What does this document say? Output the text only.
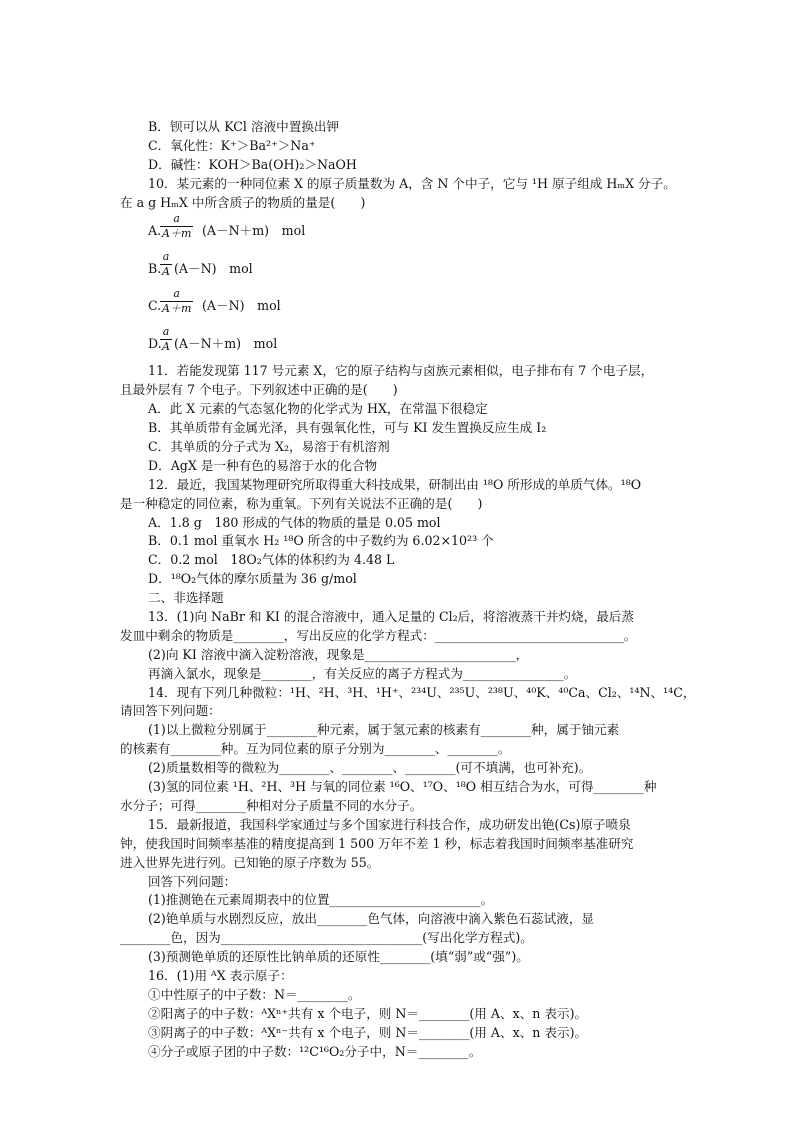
B．钡可以从 KCl 溶液中置换出钾
C．氧化性：K⁺＞Ba²⁺＞Na⁺
D．碱性：KOH＞Ba(OH)₂＞NaOH
10．某元素的一种同位素 X 的原子质量数为 A，含 N 个中子，它与 ¹H 原子组成 HₘX 分子。
在 a g HₘX 中所含质子的物质的量是(　　)
A.
$\frac{a}{A+m} (A-N+m)$　mol
B.
$\frac{a}{A} (A-N)$　mol
C.
$\frac{a}{A+m} (A-N)$　mol
D.
$\frac{a}{A} (A-N+m)$　mol
11．若能发现第 117 号元素 X，它的原子结构与卤族元素相似，电子排布有 7 个电子层，
且最外层有 7 个电子。下列叙述中正确的是(　　)
A．此 X 元素的气态氢化物的化学式为 HX，在常温下很稳定
B．其单质带有金属光泽，具有强氧化性，可与 KI 发生置换反应生成 I₂
C．其单质的分子式为 X₂，易溶于有机溶剂
D．AgX 是一种有色的易溶于水的化合物
12．最近，我国某物理研究所取得重大科技成果，研制出由 ¹⁸O 所形成的单质气体。¹⁸O
是一种稳定的同位素，称为重氧。下列有关说法不正确的是(　　)
A．1.8 g　180 形成的气体的物质的量是 0.05 mol
B．0.1 mol 重氧水 H₂ ¹⁸O 所含的中子数约为 6.02×10²³ 个
C．0.2 mol　18O₂气体的体积约为 4.48 L
D．¹⁸O₂气体的摩尔质量为 36 g/mol
二、非选择题
13．(1)向 NaBr 和 KI 的混合溶液中，通入足量的 Cl₂后，将溶液蒸干并灼烧，最后蒸
发皿中剩余的物质是________，写出反应的化学方程式：______________________________。
(2)向 KI 溶液中滴入淀粉溶液，现象是________________________，
再滴入氯水，现象是________，有关反应的离子方程式为________________。
14．现有下列几种微粒：¹H、²H、³H、¹H⁺、²³⁴U、²³⁵U、²³⁸U、⁴⁰K、⁴⁰Ca、Cl₂、¹⁴N、¹⁴C，
请回答下列问题：
(1)以上微粒分别属于________种元素，属于氢元素的核素有________种，属于铀元素
的核素有________种。互为同位素的原子分别为________、________。
(2)质量数相等的微粒为________、________、________(可不填满，也可补充)。
(3)氢的同位素 ¹H、²H、³H 与氧的同位素 ¹⁶O、¹⁷O、¹⁸O 相互结合为水，可得________种
水分子；可得________种相对分子质量不同的水分子。
15．最新报道，我国科学家通过与多个国家进行科技合作，成功研发出铯(Cs)原子喷泉
钟，使我国时间频率基准的精度提高到 1 500 万年不差 1 秒，标志着我国时间频率基准研究
进入世界先进行列。已知铯的原子序数为 55。
回答下列问题：
(1)推测铯在元素周期表中的位置________________________。
(2)铯单质与水剧烈反应，放出________色气体，向溶液中滴入紫色石蕊试液，显
________色，因为________________________________(写出化学方程式)。
(3)预测铯单质的还原性比钠单质的还原性________(填“弱”或“强”)。
16．(1)用 ᴬX 表示原子：
①中性原子的中子数：N＝________。
②阳离子的中子数：ᴬXⁿ⁺共有 x 个电子，则 N＝________(用 A、x、n 表示)。
③阴离子的中子数：ᴬXⁿ⁻共有 x 个电子，则 N＝________(用 A、x、n 表示)。
④分子或原子团的中子数：¹²C¹⁶O₂分子中，N＝________。
